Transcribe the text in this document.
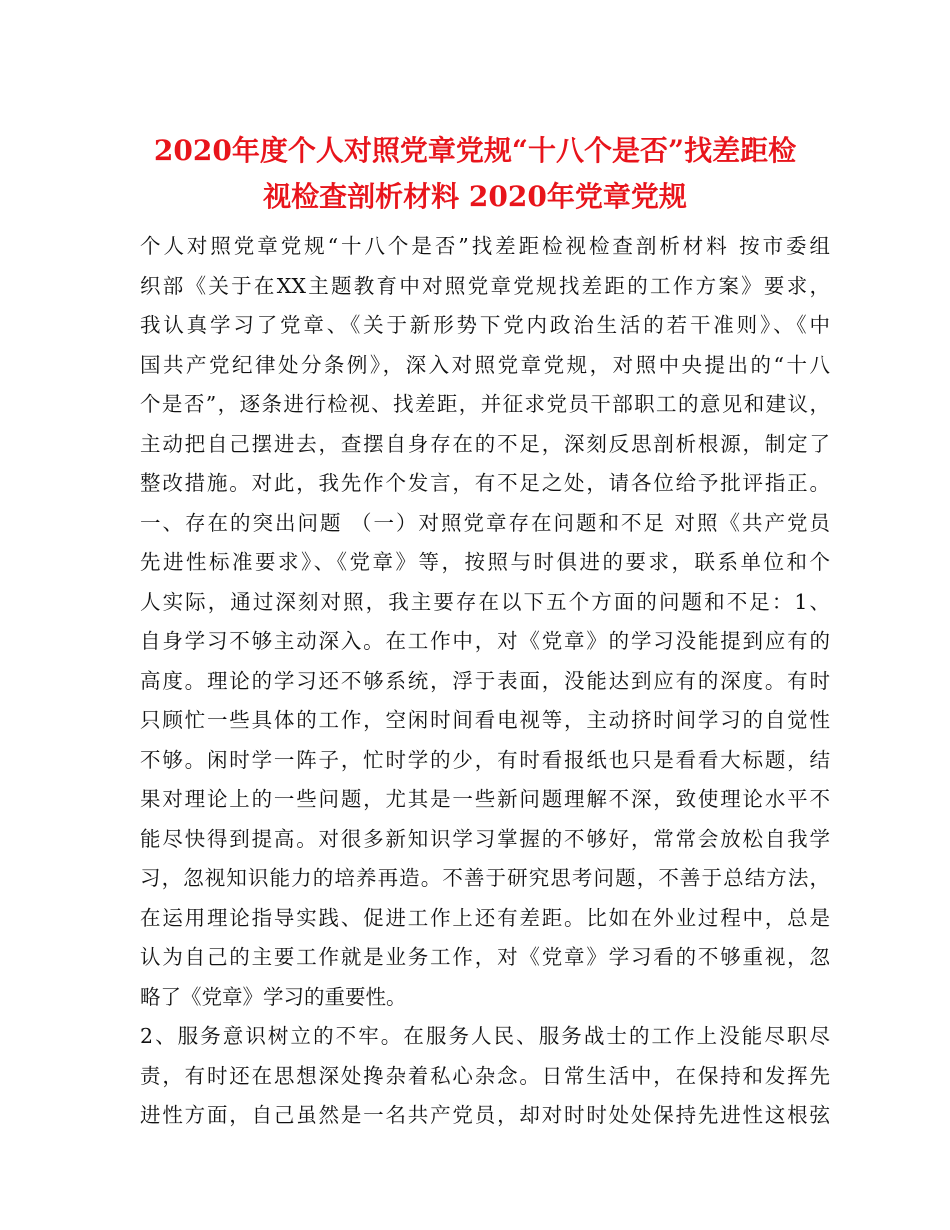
2020年度个人对照党章党规“十八个是否”找差距检
视检查剖析材料 2020年党章党规
个人对照党章党规“十八个是否”找差距检视检查剖析材料 按市委组
织部《关于在XX主题教育中对照党章党规找差距的工作方案》要求，
我认真学习了党章、《关于新形势下党内政治生活的若干准则》、《中
国共产党纪律处分条例》，深入对照党章党规，对照中央提出的“十八
个是否”，逐条进行检视、找差距，并征求党员干部职工的意见和建议，
主动把自己摆进去，查摆自身存在的不足，深刻反思剖析根源，制定了
整改措施。对此，我先作个发言，有不足之处，请各位给予批评指正。
一、存在的突出问题 （一）对照党章存在问题和不足 对照《共产党员
先进性标准要求》、《党章》等，按照与时俱进的要求，联系单位和个
人实际，通过深刻对照，我主要存在以下五个方面的问题和不足：1、
自身学习不够主动深入。在工作中，对《党章》的学习没能提到应有的
高度。理论的学习还不够系统，浮于表面，没能达到应有的深度。有时
只顾忙一些具体的工作，空闲时间看电视等，主动挤时间学习的自觉性
不够。闲时学一阵子，忙时学的少，有时看报纸也只是看看大标题，结
果对理论上的一些问题，尤其是一些新问题理解不深，致使理论水平不
能尽快得到提高。对很多新知识学习掌握的不够好，常常会放松自我学
习，忽视知识能力的培养再造。不善于研究思考问题，不善于总结方法，
在运用理论指导实践、促进工作上还有差距。比如在外业过程中，总是
认为自己的主要工作就是业务工作，对《党章》学习看的不够重视，忽
略了《党章》学习的重要性。
2、服务意识树立的不牢。在服务人民、服务战士的工作上没能尽职尽
责，有时还在思想深处搀杂着私心杂念。日常生活中，在保持和发挥先
进性方面，自己虽然是一名共产党员，却对时时处处保持先进性这根弦
